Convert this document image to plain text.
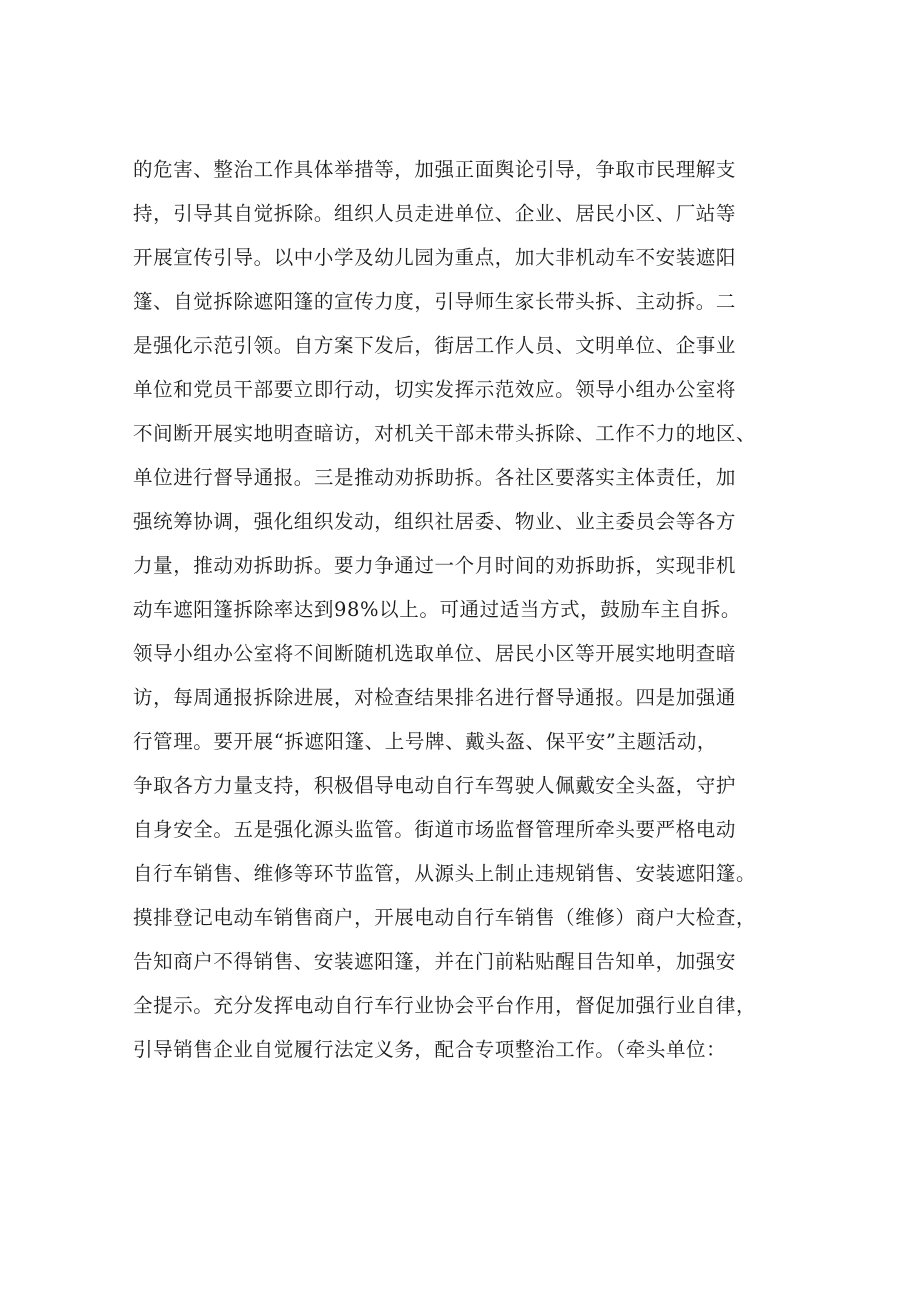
的危害、整治工作具体举措等，加强正面舆论引导，争取市民理解支
持，引导其自觉拆除。组织人员走进单位、企业、居民小区、厂站等
开展宣传引导。以中小学及幼儿园为重点，加大非机动车不安装遮阳
篷、自觉拆除遮阳篷的宣传力度，引导师生家长带头拆、主动拆。二
是强化示范引领。自方案下发后，街居工作人员、文明单位、企事业
单位和党员干部要立即行动，切实发挥示范效应。领导小组办公室将
不间断开展实地明查暗访，对机关干部未带头拆除、工作不力的地区、
单位进行督导通报。三是推动劝拆助拆。各社区要落实主体责任，加
强统筹协调，强化组织发动，组织社居委、物业、业主委员会等各方
力量，推动劝拆助拆。要力争通过一个月时间的劝拆助拆，实现非机
动车遮阳篷拆除率达到98%以上。可通过适当方式，鼓励车主自拆。
领导小组办公室将不间断随机选取单位、居民小区等开展实地明查暗
访，每周通报拆除进展，对检查结果排名进行督导通报。四是加强通
行管理。要开展“拆遮阳篷、上号牌、戴头盔、保平安”主题活动，
争取各方力量支持，积极倡导电动自行车驾驶人佩戴安全头盔，守护
自身安全。五是强化源头监管。街道市场监督管理所牵头要严格电动
自行车销售、维修等环节监管，从源头上制止违规销售、安装遮阳篷。
摸排登记电动车销售商户，开展电动自行车销售（维修）商户大检查，
告知商户不得销售、安装遮阳篷，并在门前粘贴醒目告知单，加强安
全提示。充分发挥电动自行车行业协会平台作用，督促加强行业自律，
引导销售企业自觉履行法定义务，配合专项整治工作。（牵头单位：
